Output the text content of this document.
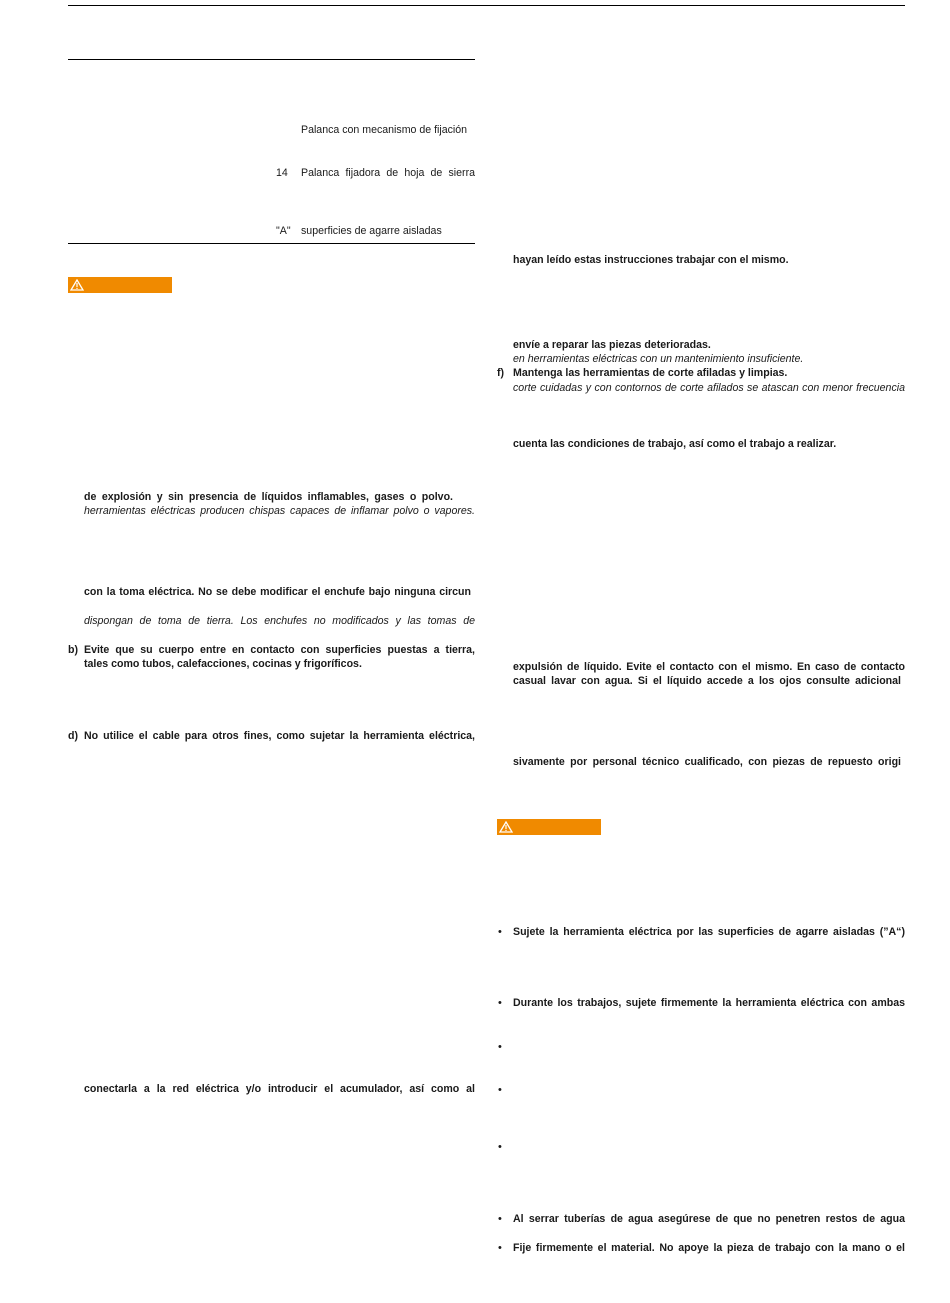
Palanca con mecanismo de fijación
14 Palanca fijadora de hoja de sierra
"A" superficies de agarre aisladas
de explosión y sin presencia de líquidos inflamables, gases o polvo.
herramientas eléctricas producen chispas capaces de inflamar polvo o vapores.
con la toma eléctrica. No se debe modificar el enchufe bajo ninguna circun
dispongan de toma de tierra. Los enchufes no modificados y las tomas de
b) Evite que su cuerpo entre en contacto con superficies puestas a tierra,
tales como tubos, calefacciones, cocinas y frigoríficos.
d) No utilice el cable para otros fines, como sujetar la herramienta eléctrica,
conectarla a la red eléctrica y/o introducir el acumulador, así como al
hayan leído estas instrucciones trabajar con el mismo.
envíe a reparar las piezas deterioradas.
en herramientas eléctricas con un mantenimiento insuficiente.
f) Mantenga las herramientas de corte afiladas y limpias.
corte cuidadas y con contornos de corte afilados se atascan con menor frecuencia
cuenta las condiciones de trabajo, así como el trabajo a realizar.
expulsión de líquido. Evite el contacto con el mismo. En caso de contacto
casual lavar con agua. Si el líquido accede a los ojos consulte adicional
sivamente por personal técnico cualificado, con piezas de repuesto origi
• Sujete la herramienta eléctrica por las superficies de agarre aisladas (”A“)
• Durante los trabajos, sujete firmemente la herramienta eléctrica con ambas
•
•
•
• Al serrar tuberías de agua asegúrese de que no penetren restos de agua
• Fije firmemente el material. No apoye la pieza de trabajo con la mano o el
